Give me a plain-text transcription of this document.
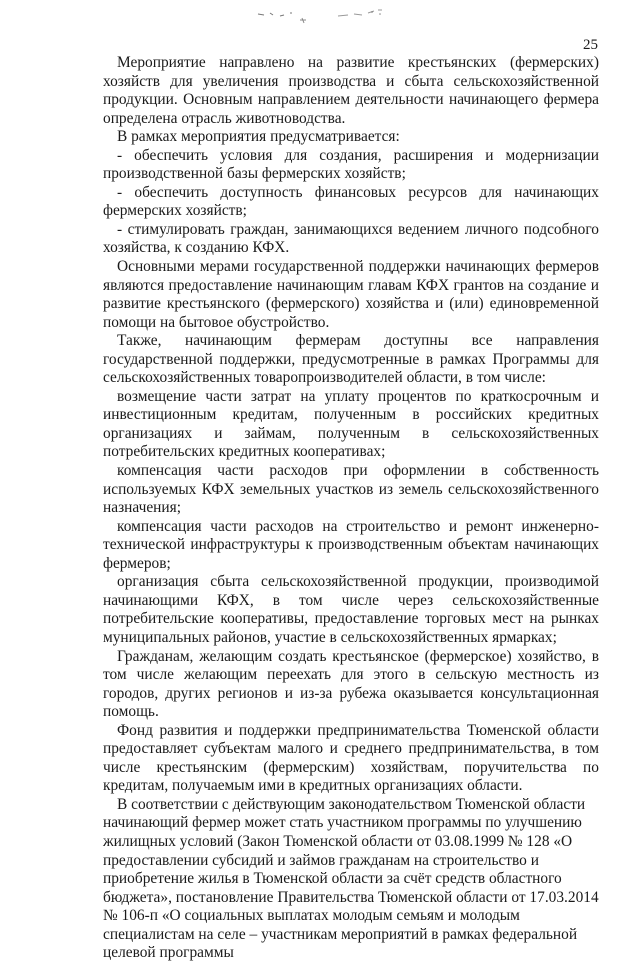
25

Мероприятие направлено на развитие крестьянских (фермерских) хозяйств для увеличения производства и сбыта сельскохозяйственной продукции. Основным направлением деятельности начинающего фермера определена отрасль животноводства.

В рамках мероприятия предусматривается:

- обеспечить условия для создания, расширения и модернизации производственной базы фермерских хозяйств;

- обеспечить доступность финансовых ресурсов для начинающих фермерских хозяйств;

- стимулировать граждан, занимающихся ведением личного подсобного хозяйства, к созданию КФХ.

Основными мерами государственной поддержки начинающих фермеров являются предоставление начинающим главам КФХ грантов на создание и развитие крестьянского (фермерского) хозяйства и (или) единовременной помощи на бытовое обустройство.

Также, начинающим фермерам доступны все направления государственной поддержки, предусмотренные в рамках Программы для сельскохозяйственных товаропроизводителей области, в том числе:

возмещение части затрат на уплату процентов по краткосрочным и инвестиционным кредитам, полученным в российских кредитных организациях и займам, полученным в сельскохозяйственных потребительских кредитных кооперативах;

компенсация части расходов при оформлении в собственность используемых КФХ земельных участков из земель сельскохозяйственного назначения;

компенсация части расходов на строительство и ремонт инженерно-технической инфраструктуры к производственным объектам начинающих фермеров;

организация сбыта сельскохозяйственной продукции, производимой начинающими КФХ, в том числе через сельскохозяйственные потребительские кооперативы, предоставление торговых мест на рынках муниципальных районов, участие в сельскохозяйственных ярмарках;

Гражданам, желающим создать крестьянское (фермерское) хозяйство, в том числе желающим переехать для этого в сельскую местность из городов, других регионов и из-за рубежа оказывается консультационная помощь.

Фонд развития и поддержки предпринимательства Тюменской области предоставляет субъектам малого и среднего предпринимательства, в том числе крестьянским (фермерским) хозяйствам, поручительства по кредитам, получаемым ими в кредитных организациях области.

В соответствии с действующим законодательством Тюменской области начинающий фермер может стать участником программы по улучшению жилищных условий (Закон Тюменской области от 03.08.1999 № 128 «О предоставлении субсидий и займов гражданам на строительство и приобретение жилья в Тюменской области за счёт средств областного бюджета», постановление Правительства Тюменской области от 17.03.2014 № 106-п «О социальных выплатах молодым семьям и молодым специалистам на селе – участникам мероприятий в рамках федеральной целевой программы
